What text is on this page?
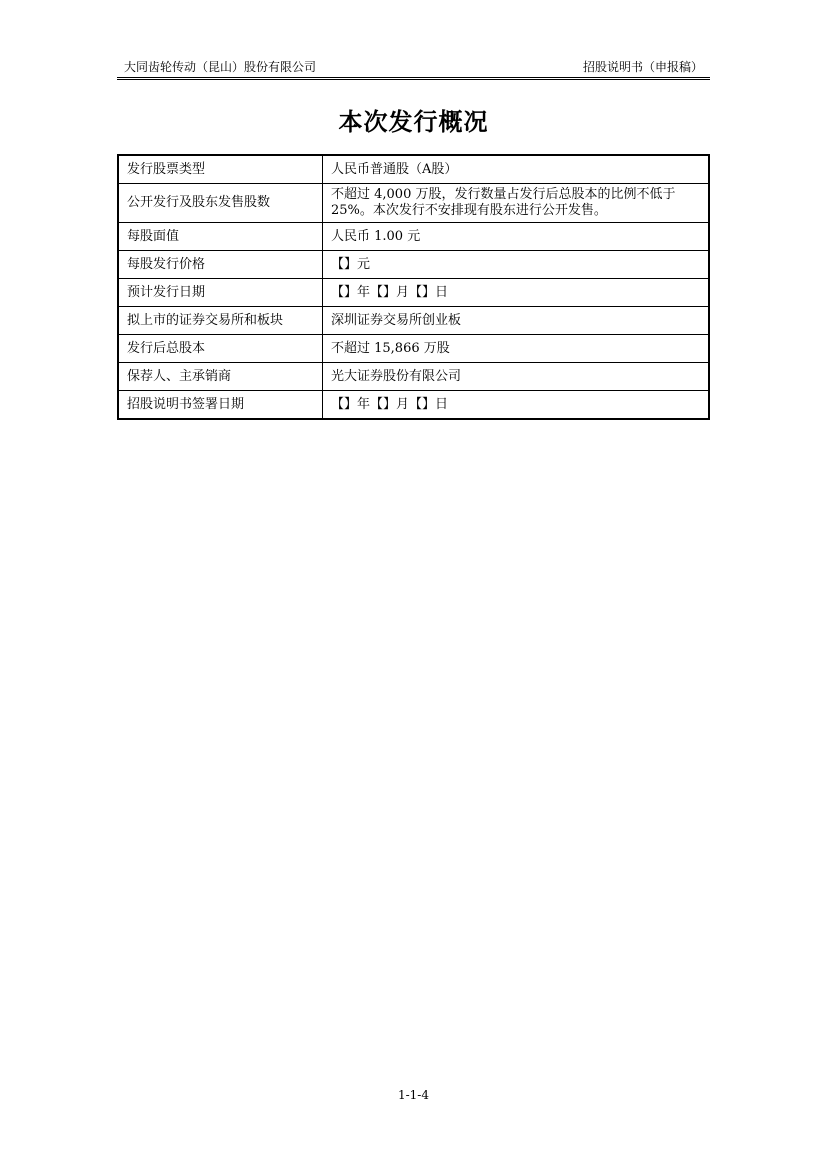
大同齿轮传动（昆山）股份有限公司	招股说明书（申报稿）
本次发行概况
发行股票类型	人民币普通股（A股）
公开发行及股东发售股数	不超过 4,000 万股，发行数量占发行后总股本的比例不低于25%。本次发行不安排现有股东进行公开发售。
每股面值	人民币 1.00 元
每股发行价格	【】元
预计发行日期	【】年【】月【】日
拟上市的证券交易所和板块	深圳证券交易所创业板
发行后总股本	不超过 15,866 万股
保荐人、主承销商	光大证券股份有限公司
招股说明书签署日期	【】年【】月【】日
1-1-4
